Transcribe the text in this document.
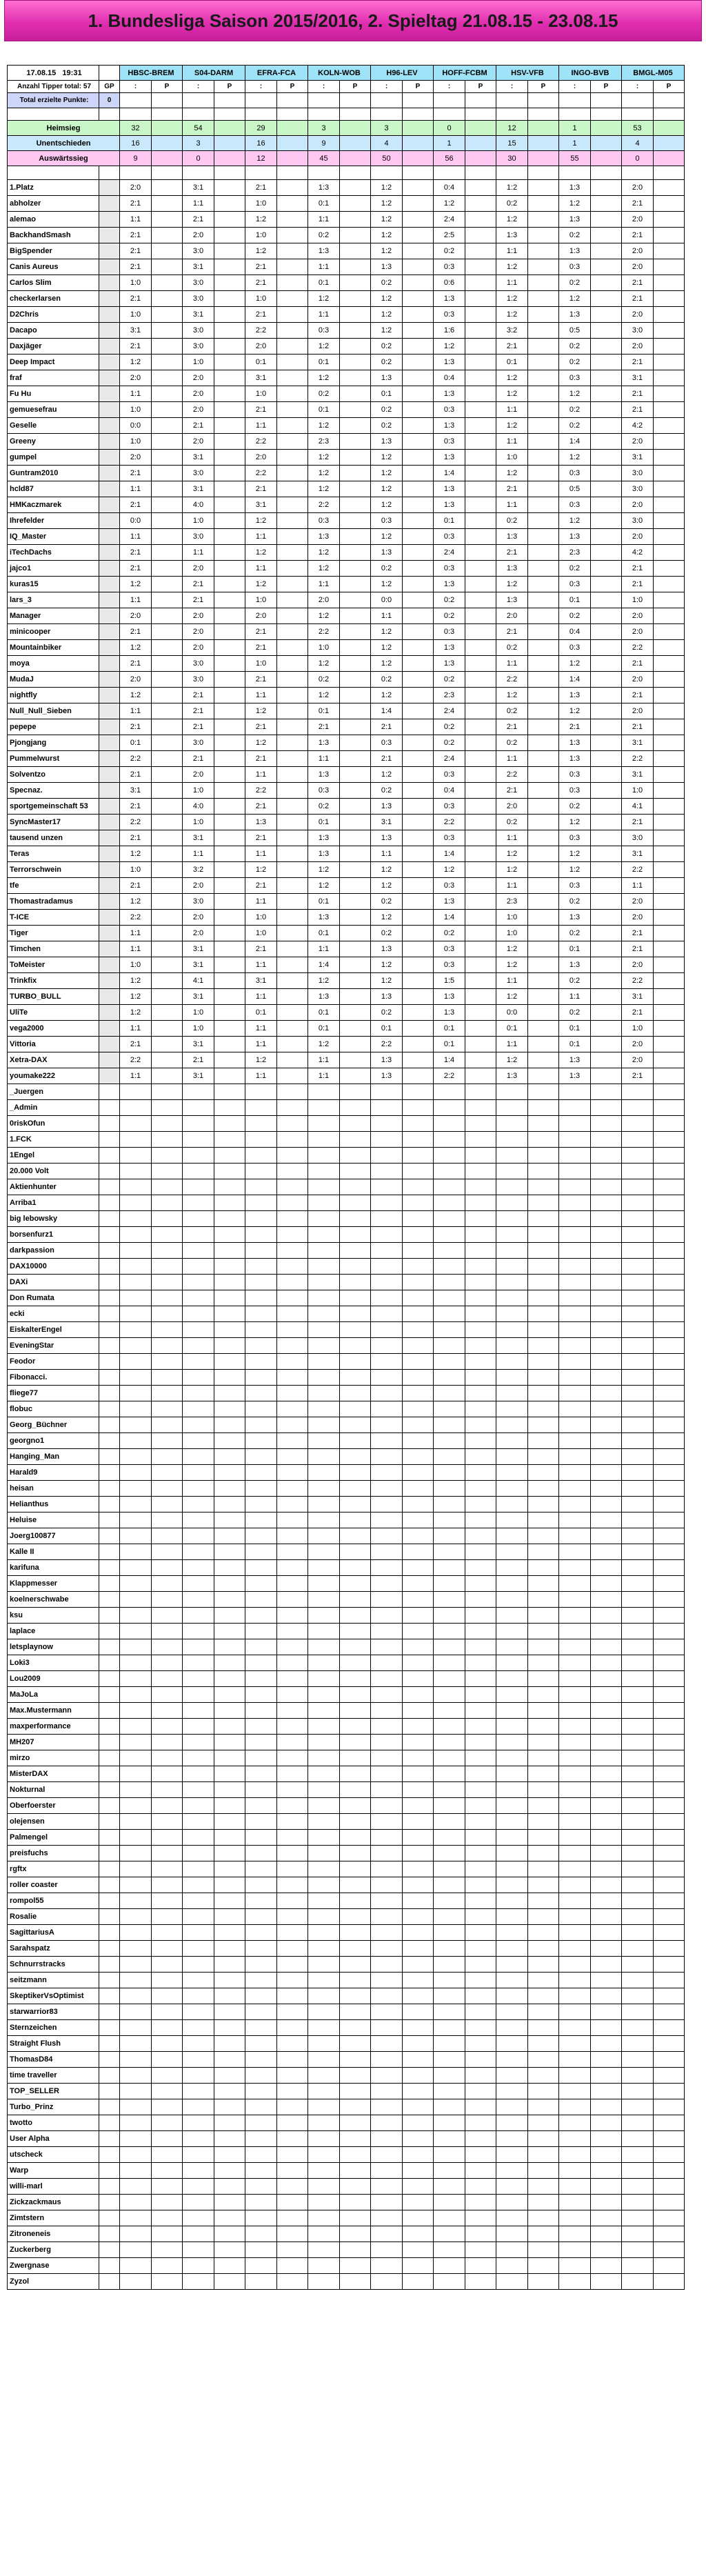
1. Bundesliga Saison 2015/2016, 2. Spieltag 21.08.15 - 23.08.15
17.08.15 19:31		HBSC-BREM		S04-DARM		EFRA-FCA		KOLN-WOB		H96-LEV		HOFF-FCBM		HSV-VFB		INGO-BVB		BMGL-M05	
Anzahl Tipper total: 57	GP	:	P	:	P	:	P	:	P	:	P	:	P	:	P	:	P	:	P
Total erzielte Punkte:	0																		

Heimsieg		32		54		29		3		3		0		12		1		53	
Unentschieden		16		3		16		9		4		1		15		1		4	
Auswärtssieg		9		0		12		45		50		56		30		55		0	

1.Platz		2:0		3:1		2:1		1:3		1:2		0:4		1:2		1:3		2:0	
abholzer		2:1		1:1		1:0		0:1		1:2		1:2		0:2		1:2		2:1	
alemao		1:1		2:1		1:2		1:1		1:2		2:4		1:2		1:3		2:0	
BackhandSmash		2:1		2:0		1:0		0:2		1:2		2:5		1:3		0:2		2:1	
BigSpender		2:1		3:0		1:2		1:3		1:2		0:2		1:1		1:3		2:0	
Canis Aureus		2:1		3:1		2:1		1:1		1:3		0:3		1:2		0:3		2:0	
Carlos Slim		1:0		3:0		2:1		0:1		0:2		0:6		1:1		0:2		2:1	
checkerlarsen		2:1		3:0		1:0		1:2		1:2		1:3		1:2		1:2		2:1	
D2Chris		1:0		3:1		2:1		1:1		1:2		0:3		1:2		1:3		2:0	
Dacapo		3:1		3:0		2:2		0:3		1:2		1:6		3:2		0:5		3:0	
Daxjäger		2:1		3:0		2:0		1:2		0:2		1:2		2:1		0:2		2:0	
Deep Impact		1:2		1:0		0:1		0:1		0:2		1:3		0:1		0:2		2:1	
fraf		2:0		2:0		3:1		1:2		1:3		0:4		1:2		0:3		3:1	
Fu Hu		1:1		2:0		1:0		0:2		0:1		1:3		1:2		1:2		2:1	
gemuesefrau		1:0		2:0		2:1		0:1		0:2		0:3		1:1		0:2		2:1	
Geselle		0:0		2:1		1:1		1:2		0:2		1:3		1:2		0:2		4:2	
Greeny		1:0		2:0		2:2		2:3		1:3		0:3		1:1		1:4		2:0	
gumpel		2:0		3:1		2:0		1:2		1:2		1:3		1:0		1:2		3:1	
Guntram2010		2:1		3:0		2:2		1:2		1:2		1:4		1:2		0:3		3:0	
hcld87		1:1		3:1		2:1		1:2		1:2		1:3		2:1		0:5		3:0	
HMKaczmarek		2:1		4:0		3:1		2:2		1:2		1:3		1:1		0:3		2:0	
Ihrefelder		0:0		1:0		1:2		0:3		0:3		0:1		0:2		1:2		3:0	
IQ_Master		1:1		3:0		1:1		1:3		1:2		0:3		1:3		1:3		2:0	
iTechDachs		2:1		1:1		1:2		1:2		1:3		2:4		2:1		2:3		4:2	
jajco1		2:1		2:0		1:1		1:2		0:2		0:3		1:3		0:2		2:1	
kuras15		1:2		2:1		1:2		1:1		1:2		1:3		1:2		0:3		2:1	
lars_3		1:1		2:1		1:0		2:0		0:0		0:2		1:3		0:1		1:0	
Manager		2:0		2:0		2:0		1:2		1:1		0:2		2:0		0:2		2:0	
minicooper		2:1		2:0		2:1		2:2		1:2		0:3		2:1		0:4		2:0	
Mountainbiker		1:2		2:0		2:1		1:0		1:2		1:3		0:2		0:3		2:2	
moya		2:1		3:0		1:0		1:2		1:2		1:3		1:1		1:2		2:1	
MudaJ		2:0		3:0		2:1		0:2		0:2		0:2		2:2		1:4		2:0	
nightfly		1:2		2:1		1:1		1:2		1:2		2:3		1:2		1:3		2:1	
Null_Null_Sieben		1:1		2:1		1:2		0:1		1:4		2:4		0:2		1:2		2:0	
pepepe		2:1		2:1		2:1		2:1		2:1		0:2		2:1		2:1		2:1	
Pjongjang		0:1		3:0		1:2		1:3		0:3		0:2		0:2		1:3		3:1	
Pummelwurst		2:2		2:1		2:1		1:1		2:1		2:4		1:1		1:3		2:2	
Solventzo		2:1		2:0		1:1		1:3		1:2		0:3		2:2		0:3		3:1	
Specnaz.		3:1		1:0		2:2		0:3		0:2		0:4		2:1		0:3		1:0	
sportgemeinschaft 53		2:1		4:0		2:1		0:2		1:3		0:3		2:0		0:2		4:1	
SyncMaster17		2:2		1:0		1:3		0:1		3:1		2:2		0:2		1:2		2:1	
tausend unzen		2:1		3:1		2:1		1:3		1:3		0:3		1:1		0:3		3:0	
Teras		1:2		1:1		1:1		1:3		1:1		1:4		1:2		1:2		3:1	
Terrorschwein		1:0		3:2		1:2		1:2		1:2		1:2		1:2		1:2		2:2	
tfe		2:1		2:0		2:1		1:2		1:2		0:3		1:1		0:3		1:1	
Thomastradamus		1:2		3:0		1:1		0:1		0:2		1:3		2:3		0:2		2:0	
T-ICE		2:2		2:0		1:0		1:3		1:2		1:4		1:0		1:3		2:0	
Tiger		1:1		2:0		1:0		0:1		0:2		0:2		1:0		0:2		2:1	
Timchen		1:1		3:1		2:1		1:1		1:3		0:3		1:2		0:1		2:1	
ToMeister		1:0		3:1		1:1		1:4		1:2		0:3		1:2		1:3		2:0	
Trinkfix		1:2		4:1		3:1		1:2		1:2		1:5		1:1		0:2		2:2	
TURBO_BULL		1:2		3:1		1:1		1:3		1:3		1:3		1:2		1:1		3:1	
UliTe		1:2		1:0		0:1		0:1		0:2		1:3		0:0		0:2		2:1	
vega2000		1:1		1:0		1:1		0:1		0:1		0:1		0:1		0:1		1:0	
Vittoria		2:1		3:1		1:1		1:2		2:2		0:1		1:1		0:1		2:0	
Xetra-DAX		2:2		2:1		1:2		1:1		1:3		1:4		1:2		1:3		2:0	
youmake222		1:1		3:1		1:1		1:1		1:3		2:2		1:3		1:3		2:1	
_Juergen																			
_Admin																			
0riskOfun																			
1.FCK																			
1Engel																			
20.000 Volt																			
Aktienhunter																			
Arriba1																			
big lebowsky																			
borsenfurz1																			
darkpassion																			
DAX10000																			
DAXi																			
Don Rumata																			
ecki																			
EiskalterEngel																			
EveningStar																			
Feodor																			
Fibonacci.																			
fliege77																			
flobuc																			
Georg_Büchner																			
georgno1																			
Hanging_Man																			
Harald9																			
heisan																			
Helianthus																			
Heluise																			
Joerg100877																			
Kalle II																			
karifuna																			
Klappmesser																			
koelnerschwabe																			
ksu																			
laplace																			
letsplaynow																			
Loki3																			
Lou2009																			
MaJoLa																			
Max.Mustermann																			
maxperformance																			
MH207																			
mirzo																			
MisterDAX																			
Nokturnal																			
Oberfoerster																			
olejensen																			
Palmengel																			
preisfuchs																			
rgftx																			
roller coaster																			
rompol55																			
Rosalie																			
SagittariusA																			
Sarahspatz																			
Schnurrstracks																			
seitzmann																			
SkeptikerVsOptimist																			
starwarrior83																			
Sternzeichen																			
Straight Flush																			
ThomasD84																			
time traveller																			
TOP_SELLER																			
Turbo_Prinz																			
twotto																			
User Alpha																			
utscheck																			
Warp																			
willi-marl																			
Zickzackmaus																			
Zimtstern																			
Zitroneneis																			
Zuckerberg																			
Zwergnase																			
Zyzol																			
